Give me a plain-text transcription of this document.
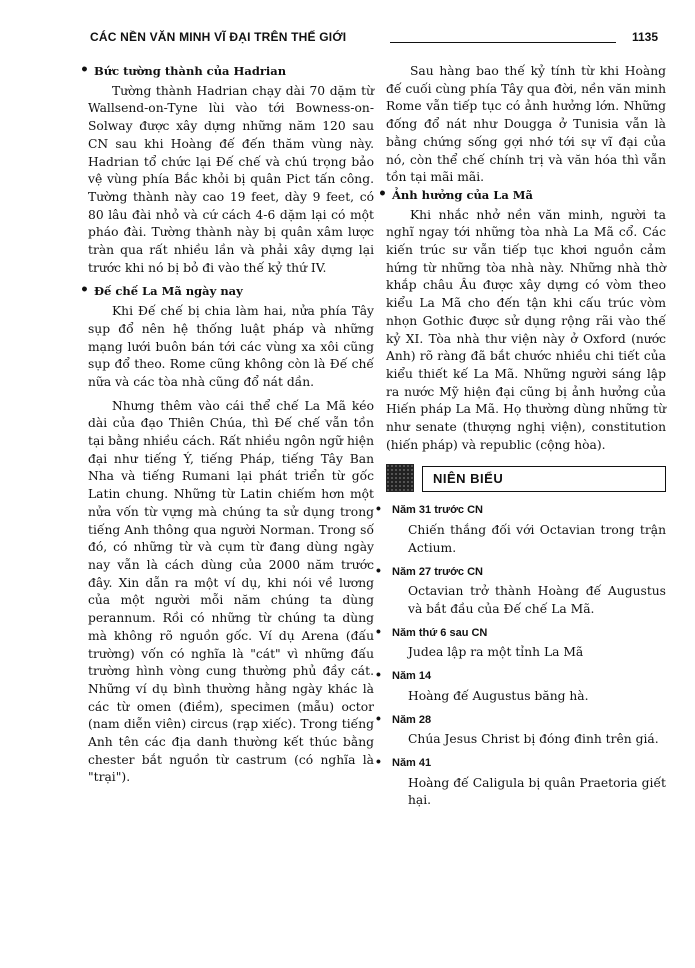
CÁC NỀN VĂN MINH VĨ ĐẠI TRÊN THẾ GIỚI	1135
• Bức tường thành của Hadrian

Tường thành Hadrian chạy dài 70 dặm từ Wallsend-on-Tyne lùi vào tới Bowness-on-Solway được xây dựng những năm 120 sau CN sau khi Hoàng đế đến thăm vùng này. Hadrian tổ chức lại Đế chế và chú trọng bảo vệ vùng phía Bắc khỏi bị quân Pict tấn công. Tường thành này cao 19 feet, dày 9 feet, có 80 lâu đài nhỏ và cứ cách 4-6 dặm lại có một pháo đài. Tường thành này bị quân xâm lược tràn qua rất nhiều lần và phải xây dựng lại trước khi nó bị bỏ đi vào thế kỷ thứ IV.

• Đế chế La Mã ngày nay

Khi Đế chế bị chia làm hai, nửa phía Tây sụp đổ nên hệ thống luật pháp và những mạng lưới buôn bán tới các vùng xa xôi cũng sụp đổ theo. Rome cũng không còn là Đế chế nữa và các tòa nhà cũng đổ nát dần.

Nhưng thêm vào cái thể chế La Mã kéo dài của đạo Thiên Chúa, thì Đế chế vẫn tồn tại bằng nhiều cách. Rất nhiều ngôn ngữ hiện đại như tiếng Ý, tiếng Pháp, tiếng Tây Ban Nha và tiếng Rumani lại phát triển từ gốc Latin chung. Những từ Latin chiếm hơn một nửa vốn từ vựng mà chúng ta sử dụng trong tiếng Anh thông qua người Norman. Trong số đó, có những từ và cụm từ đang dùng ngày nay vẫn là cách dùng của 2000 năm trước đây. Xin dẫn ra một ví dụ, khi nói về lương của một người mỗi năm chúng ta dùng perannum. Rồi có những từ chúng ta dùng mà không rõ nguồn gốc. Ví dụ Arena (đấu trường) vốn có nghĩa là "cát" vì những đấu trường hình vòng cung thường phủ đầy cát. Những ví dụ bình thường hằng ngày khác là các từ omen (điềm), specimen (mẫu) octor (nam diễn viên) circus (rạp xiếc). Trong tiếng Anh tên các địa danh thường kết thúc bằng chester bắt nguồn từ castrum (có nghĩa là "trại").

Sau hàng bao thế kỷ tính từ khi Hoàng đế cuối cùng phía Tây qua đời, nền văn minh Rome vẫn tiếp tục có ảnh hưởng lớn. Những đống đổ nát như Dougga ở Tunisia vẫn là bằng chứng sống gợi nhớ tới sự vĩ đại của nó, còn thể chế chính trị và văn hóa thì vẫn tồn tại mãi mãi.

• Ảnh hưởng của La Mã

Khi nhắc nhở nền văn minh, người ta nghĩ ngay tới những tòa nhà La Mã cổ. Các kiến trúc sư vẫn tiếp tục khơi nguồn cảm hứng từ những tòa nhà này. Những nhà thờ khắp châu Âu được xây dựng có vòm theo kiểu La Mã cho đến tận khi cấu trúc vòm nhọn Gothic được sử dụng rộng rãi vào thế kỷ XI. Tòa nhà thư viện này ở Oxford (nước Anh) rõ ràng đã bắt chước nhiều chi tiết của kiểu thiết kế La Mã. Những người sáng lập ra nước Mỹ hiện đại cũng bị ảnh hưởng của Hiến pháp La Mã. Họ thường dùng những từ như senate (thượng nghị viện), constitution (hiến pháp) và republic (cộng hòa).

NIÊN BIỂU
• Năm 31 trước CN

Chiến thắng đối với Octavian trong trận Actium.

• Năm 27 trước CN

Octavian trở thành Hoàng đế Augustus và bắt đầu của Đế chế La Mã.

• Năm thứ 6 sau CN

Judea lập ra một tỉnh La Mã

• Năm 14

Hoàng đế Augustus băng hà.

• Năm 28

Chúa Jesus Christ bị đóng đinh trên giá.

• Năm 41

Hoàng đế Caligula bị quân Praetoria giết hại.
